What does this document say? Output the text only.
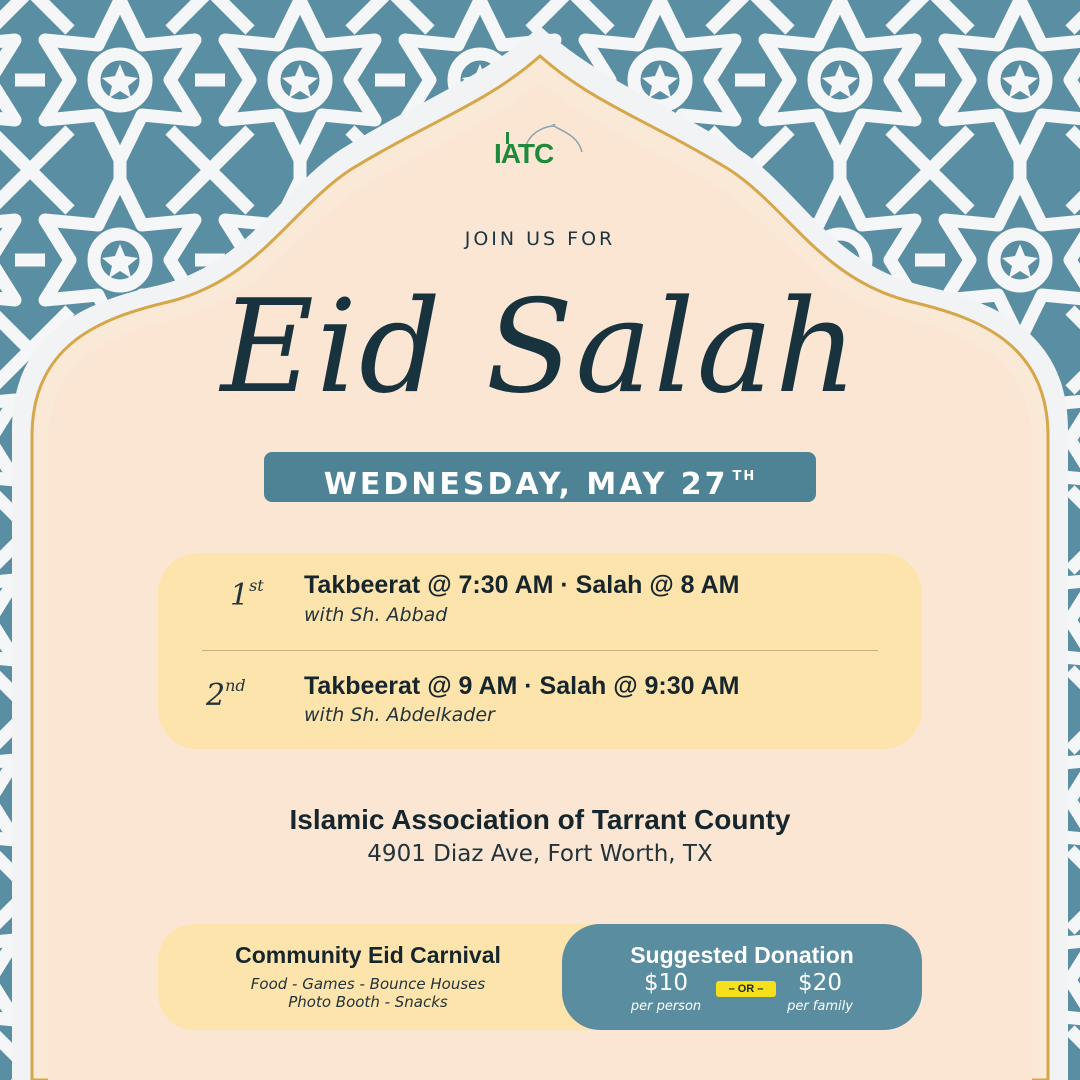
IATC
JOIN US FOR
Eid Salah
WEDNESDAY, MAY 27 $^{TH}$
1st Takbeerat @ 7:30 AM · Salah @ 8 AM
with Sh. Abbad
2nd Takbeerat @ 9 AM · Salah @ 9:30 AM
with Sh. Abdelkader
Islamic Association of Tarrant County
4901 Diaz Ave, Fort Worth, TX
Community Eid Carnival
Food - Games - Bounce Houses
Photo Booth - Snacks
Suggested Donation
$10
per person
– OR –	$20
per family
